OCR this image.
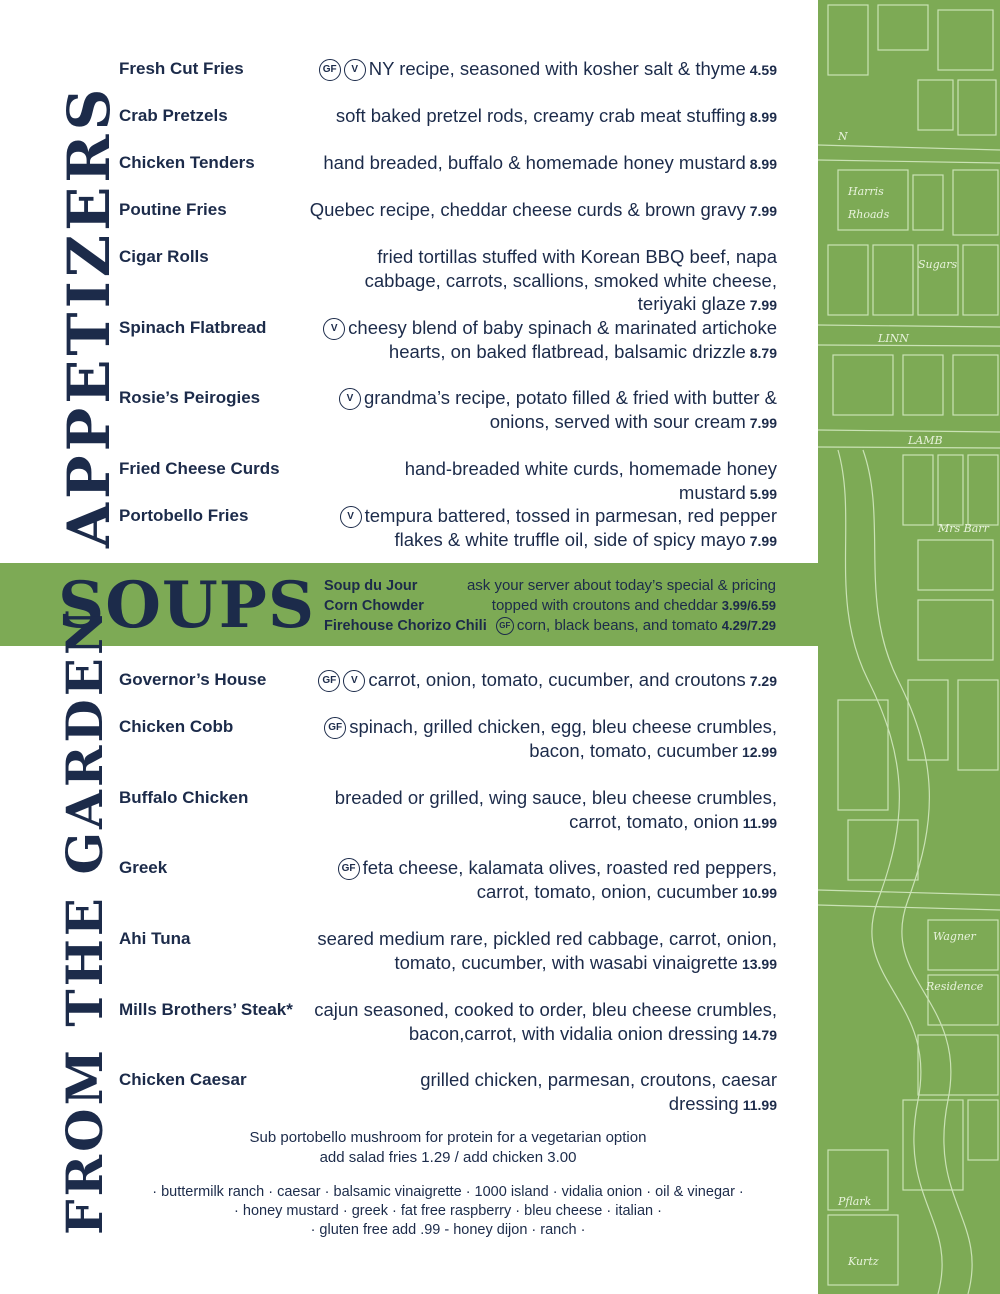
N
LINN
LAMB
Harris
Rhoads
Sugars
Mrs Barr
Wagner
Residence
Pflark
Kurtz
APPETIZERS
SOUPS
FROM THE GARDEN
Fresh Cut Fries	GF V NY recipe, seasoned with kosher salt & thyme 4.59
Crab Pretzels	soft baked pretzel rods, creamy crab meat stuffing 8.99
Chicken Tenders	hand breaded, buffalo & homemade honey mustard 8.99
Poutine Fries	Quebec recipe, cheddar cheese curds & brown gravy 7.99
Cigar Rolls	fried tortillas stuffed with Korean BBQ beef, napa cabbage, carrots, scallions, smoked white cheese, teriyaki glaze 7.99
Spinach Flatbread	V cheesy blend of baby spinach & marinated artichoke hearts, on baked flatbread, balsamic drizzle 8.79
Rosie’s Peirogies	V grandma’s recipe, potato filled & fried with butter & onions, served with sour cream 7.99
Fried Cheese Curds	hand-breaded white curds, homemade honey mustard 5.99
Portobello Fries	V tempura battered, tossed in parmesan, red pepper flakes & white truffle oil, side of spicy mayo 7.99
Soup du Jour	ask your server about today’s special & pricing
Corn Chowder	topped with croutons and cheddar 3.99/6.59
Firehouse Chorizo Chili	GF corn, black beans, and tomato 4.29/7.29
Governor’s House	GF V carrot, onion, tomato, cucumber, and croutons 7.29
Chicken Cobb	GF spinach, grilled chicken, egg, bleu cheese crumbles, bacon, tomato, cucumber 12.99
Buffalo Chicken	breaded or grilled, wing sauce, bleu cheese crumbles, carrot, tomato, onion 11.99
Greek	GF feta cheese, kalamata olives, roasted red peppers, carrot, tomato, onion, cucumber 10.99
Ahi Tuna	seared medium rare, pickled red cabbage, carrot, onion, tomato, cucumber, with wasabi vinaigrette 13.99
Mills Brothers’ Steak* cajun seasoned, cooked to order, bleu cheese crumbles, bacon,carrot, with vidalia onion dressing 14.79
Chicken Caesar	grilled chicken, parmesan, croutons, caesar dressing 11.99
Sub portobello mushroom for protein for a vegetarian option
add salad fries 1.29 / add chicken 3.00
· buttermilk ranch · caesar · balsamic vinaigrette · 1000 island · vidalia onion · oil & vinegar ·
· honey mustard · greek · fat free raspberry · bleu cheese · italian ·
· gluten free add .99 - honey dijon · ranch ·
